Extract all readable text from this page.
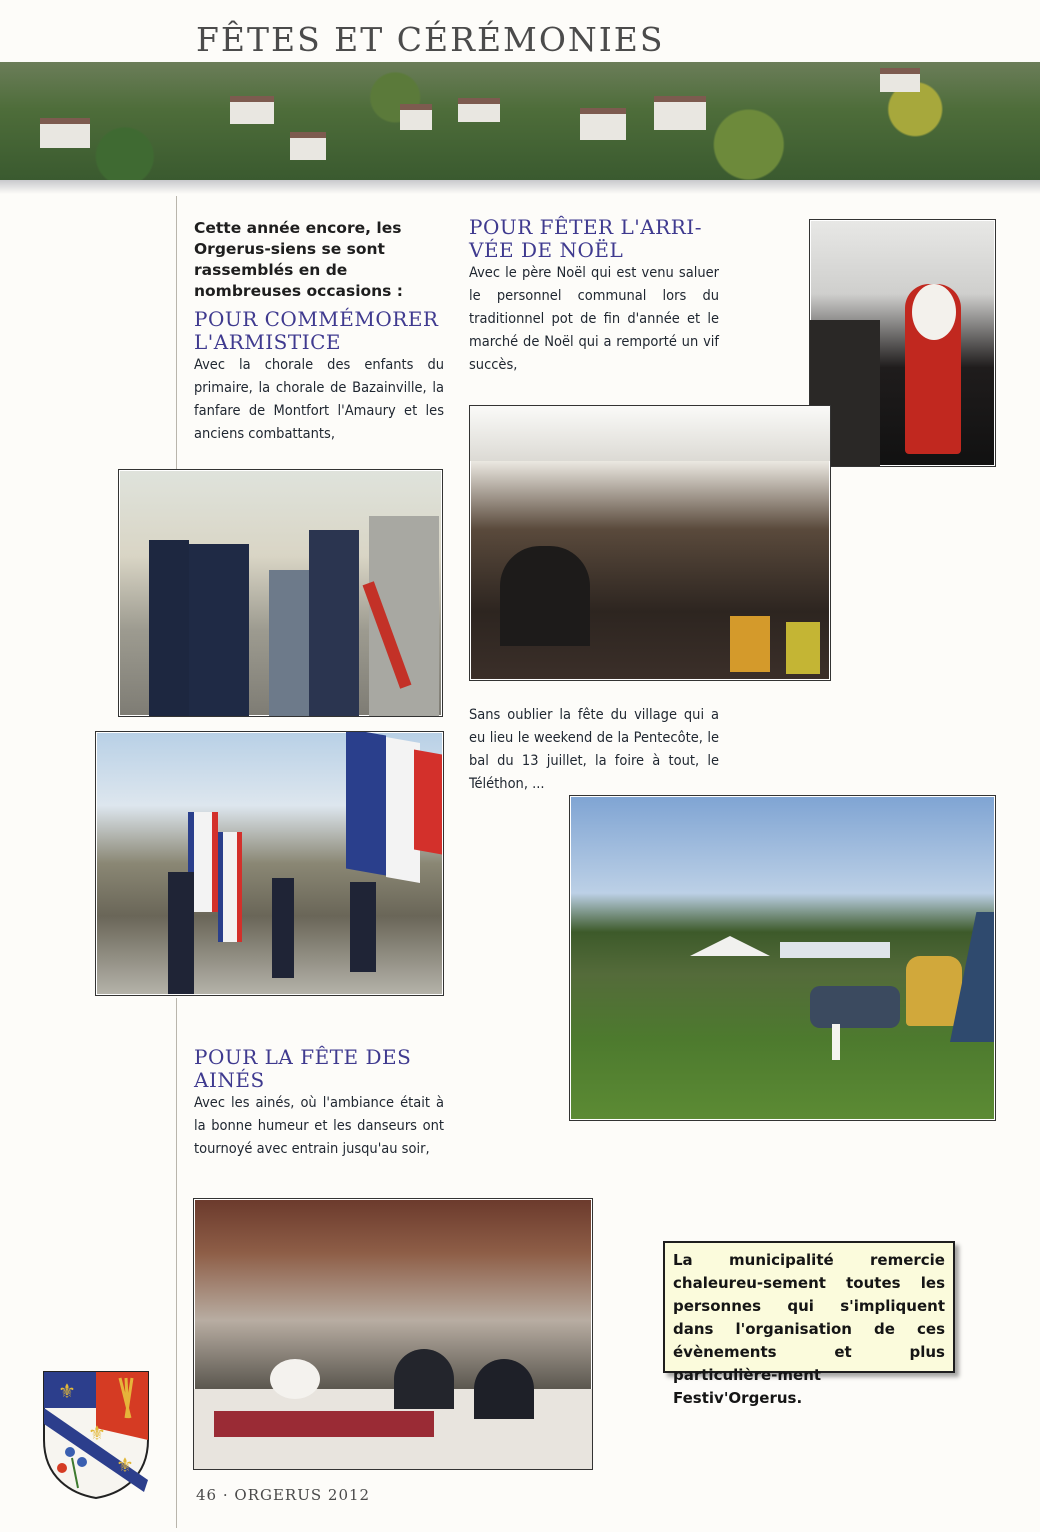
FÊTES ET CÉRÉMONIES

Cette année encore, les Orgerus-siens se sont rassemblés en de nombreuses occasions :

POUR COMMÉMORER L'ARMISTICE

Avec la chorale des enfants du primaire, la chorale de Bazainville, la fanfare de Montfort l'Amaury et les anciens combattants,

POUR FÊTER L'ARRI-VÉE DE NOËL

Avec le père Noël qui est venu saluer le personnel communal lors du traditionnel pot de fin d'année et le marché de Noël qui a remporté un vif succès,

Sans oublier la fête du village qui a eu lieu le weekend de la Pentecôte, le bal du 13 juillet, la foire à tout, le Téléthon, ...

POUR LA FÊTE DES AINÉS

Avec les ainés, où l'ambiance était à la bonne humeur et les danseurs ont tournoyé avec entrain jusqu'au soir,

La municipalité remercie chaleureu-sement toutes les personnes qui s'impliquent dans l'organisation de ces évènements et plus particulière-ment Festiv'Orgerus.

⚜
⚜
⚜

46 · ORGERUS 2012
